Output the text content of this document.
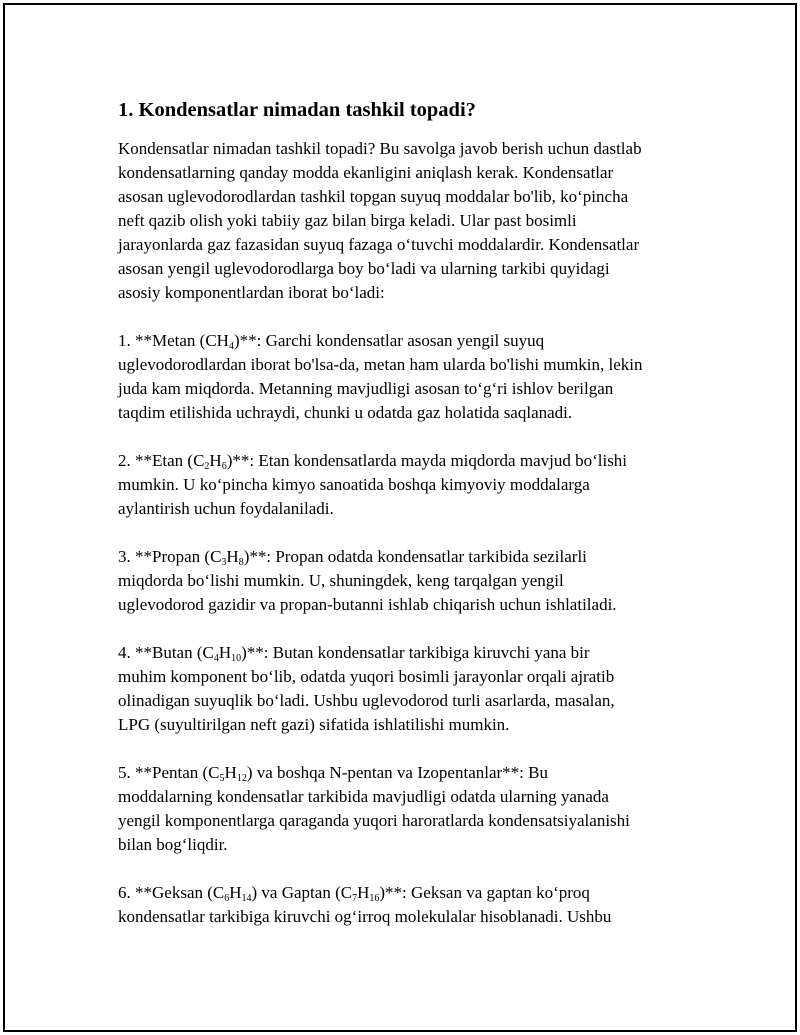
1. Kondensatlar nimadan tashkil topadi?

Kondensatlar nimadan tashkil topadi? Bu savolga javob berish uchun dastlab
kondensatlarning qanday modda ekanligini aniqlash kerak. Kondensatlar
asosan uglevodorodlardan tashkil topgan suyuq moddalar bo'lib, ko‘pincha
neft qazib olish yoki tabiiy gaz bilan birga keladi. Ular past bosimli
jarayonlarda gaz fazasidan suyuq fazaga o‘tuvchi moddalardir. Kondensatlar
asosan yengil uglevodorodlarga boy bo‘ladi va ularning tarkibi quyidagi
asosiy komponentlardan iborat bo‘ladi:

1. **Metan $(CH_4)**$: Garchi kondensatlar asosan yengil suyuq
uglevodorodlardan iborat bo'lsa-da, metan ham ularda bo'lishi mumkin, lekin
juda kam miqdorda. Metanning mavjudligi asosan to‘g‘ri ishlov berilgan
taqdim etilishida uchraydi, chunki u odatda gaz holatida saqlanadi.

2. **Etan $(C_2H_6)**$: Etan kondensatlarda mayda miqdorda mavjud bo‘lishi
mumkin. U ko‘pincha kimyo sanoatida boshqa kimyoviy moddalarga
aylantirish uchun foydalaniladi.

3. **Propan $(C_3H_8)**$: Propan odatda kondensatlar tarkibida sezilarli
miqdorda bo‘lishi mumkin. U, shuningdek, keng tarqalgan yengil
uglevodorod gazidir va propan-butanni ishlab chiqarish uchun ishlatiladi.

4. **Butan $(C_4H_{10})**$: Butan kondensatlar tarkibiga kiruvchi yana bir
muhim komponent bo‘lib, odatda yuqori bosimli jarayonlar orqali ajratib
olinadigan suyuqlik bo‘ladi. Ushbu uglevodorod turli asarlarda, masalan,
LPG (suyultirilgan neft gazi) sifatida ishlatilishi mumkin.

5. **Pentan $(C_5H_{12})$ va boshqa N-pentan va Izopentanlar**: Bu
moddalarning kondensatlar tarkibida mavjudligi odatda ularning yanada
yengil komponentlarga qaraganda yuqori haroratlarda kondensatsiyalanishi
bilan bog‘liqdir.

6. **Geksan $(C_6H_{14})$ va Gaptan $(C_7H_{16})**$: Geksan va gaptan ko‘proq
kondensatlar tarkibiga kiruvchi og‘irroq molekulalar hisoblanadi. Ushbu
